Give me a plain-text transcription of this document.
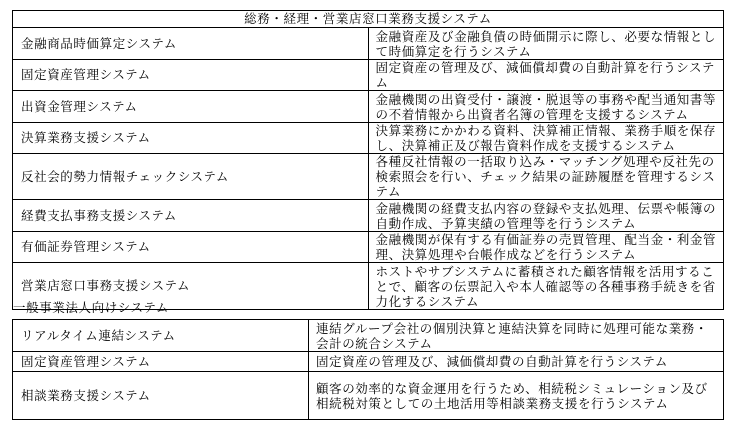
総務・経理・営業店窓口業務支援システム	
金融商品時価算定システム	金融資産及び金融負債の時価開示に際し、必要な情報として時価算定を行うシステム
固定資産管理システム	固定資産の管理及び、減価償却費の自動計算を行うシステム
出資金管理システム	金融機関の出資受付・譲渡・脱退等の事務や配当通知書等の不着情報から出資者名簿の管理を支援するシステム
決算業務支援システム	決算業務にかかわる資料、決算補正情報、業務手順を保存し、決算補正及び報告資料作成を支援するシステム
反社会的勢力情報チェックシステム	各種反社情報の一括取り込み・マッチング処理や反社先の検索照会を行い、チェック結果の証跡履歴を管理するシステム
経費支払事務支援システム	金融機関の経費支払内容の登録や支払処理、伝票や帳簿の自動作成、予算実績の管理等を行うシステム
有価証券管理システム	金融機関が保有する有価証券の売買管理、配当金・利金管理、決算処理や台帳作成などを行うシステム
営業店窓口事務支援システム	ホストやサブシステムに蓄積された顧客情報を活用することで、顧客の伝票記入や本人確認等の各種事務手続きを省力化するシステム
一般事業法人向けシステム
リアルタイム連結システム	連結グループ会社の個別決算と連結決算を同時に処理可能な業務・会計の統合システム
固定資産管理システム	固定資産の管理及び、減価償却費の自動計算を行うシステム
相談業務支援システム	顧客の効率的な資金運用を行うため、相続税シミュレーション及び相続税対策としての土地活用等相談業務支援を行うシステム
